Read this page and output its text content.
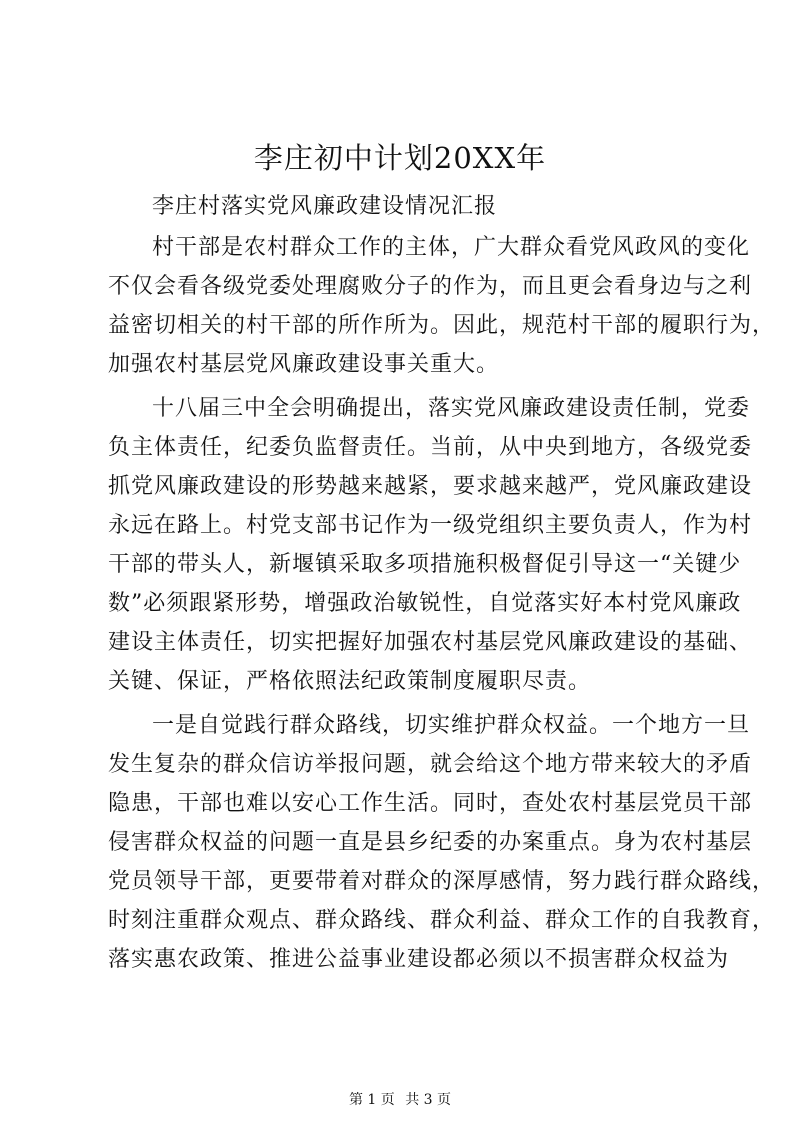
李庄初中计划20XX年
李庄村落实党风廉政建设情况汇报
村干部是农村群众工作的主体，广大群众看党风政风的变化
不仅会看各级党委处理腐败分子的作为，而且更会看身边与之利
益密切相关的村干部的所作所为。因此，规范村干部的履职行为，
加强农村基层党风廉政建设事关重大。
十八届三中全会明确提出，落实党风廉政建设责任制，党委
负主体责任，纪委负监督责任。当前，从中央到地方，各级党委
抓党风廉政建设的形势越来越紧，要求越来越严，党风廉政建设
永远在路上。村党支部书记作为一级党组织主要负责人，作为村
干部的带头人，新堰镇采取多项措施积极督促引导这一“关键少
数”必须跟紧形势，增强政治敏锐性，自觉落实好本村党风廉政
建设主体责任，切实把握好加强农村基层党风廉政建设的基础、
关键、保证，严格依照法纪政策制度履职尽责。
一是自觉践行群众路线，切实维护群众权益。一个地方一旦
发生复杂的群众信访举报问题，就会给这个地方带来较大的矛盾
隐患，干部也难以安心工作生活。同时，查处农村基层党员干部
侵害群众权益的问题一直是县乡纪委的办案重点。身为农村基层
党员领导干部，更要带着对群众的深厚感情，努力践行群众路线，
时刻注重群众观点、群众路线、群众利益、群众工作的自我教育，
落实惠农政策、推进公益事业建设都必须以不损害群众权益为
第 1 页 共 3 页
